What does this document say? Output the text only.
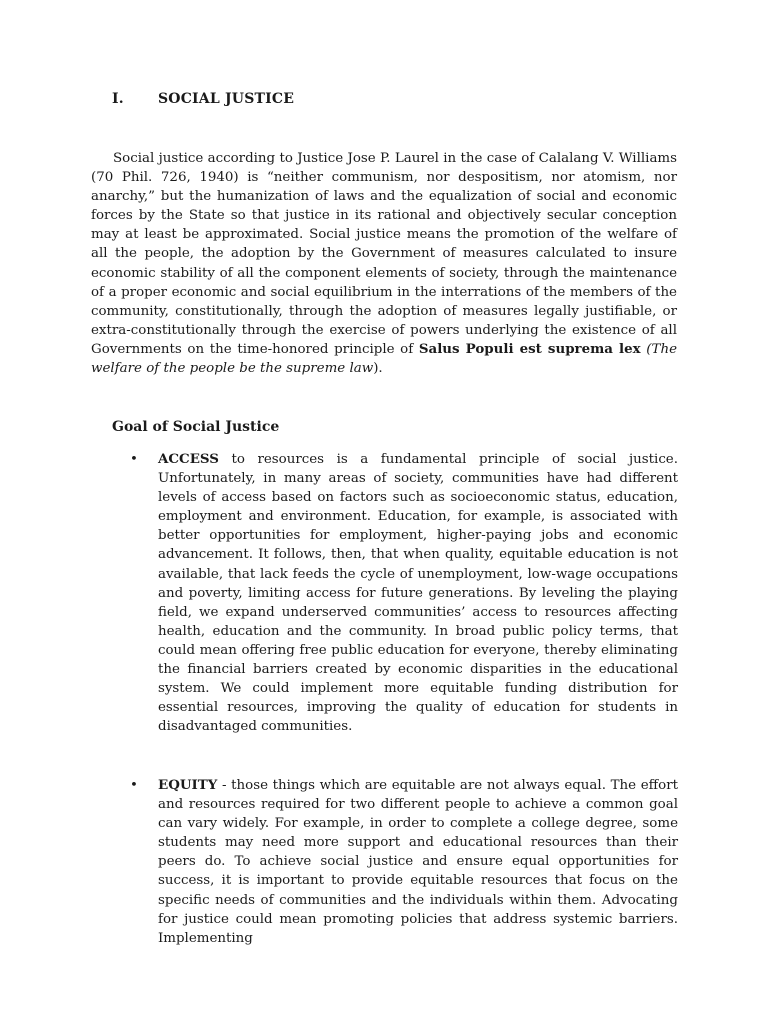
I. SOCIAL JUSTICE

Social justice according to Justice Jose P. Laurel in the case of Calalang V. Williams (70 Phil. 726, 1940) is “neither communism, nor despositism, nor atomism, nor anarchy,” but the humanization of laws and the equalization of social and economic forces by the State so that justice in its rational and objectively secular conception may at least be approximated. Social justice means the promotion of the welfare of all the people, the adoption by the Government of measures calculated to insure economic stability of all the component elements of society, through the maintenance of a proper economic and social equilibrium in the interrations of the members of the community, constitutionally, through the adoption of measures legally justifiable, or extra-constitutionally through the exercise of powers underlying the existence of all Governments on the time-honored principle of Salus Populi est suprema lex (The welfare of the people be the supreme law).

Goal of Social Justice
• ACCESS to resources is a fundamental principle of social justice. Unfortunately, in many areas of society, communities have had different levels of access based on factors such as socioeconomic status, education, employment and environment. Education, for example, is associated with better opportunities for employment, higher-paying jobs and economic advancement. It follows, then, that when quality, equitable education is not available, that lack feeds the cycle of unemployment, low-wage occupations and poverty, limiting access for future generations. By leveling the playing field, we expand underserved communities’ access to resources affecting health, education and the community. In broad public policy terms, that could mean offering free public education for everyone, thereby eliminating the financial barriers created by economic disparities in the educational system. We could implement more equitable funding distribution for essential resources, improving the quality of education for students in disadvantaged communities.

• EQUITY - those things which are equitable are not always equal. The effort and resources required for two different people to achieve a common goal can vary widely. For example, in order to complete a college degree, some students may need more support and educational resources than their peers do. To achieve social justice and ensure equal opportunities for success, it is important to provide equitable resources that focus on the specific needs of communities and the individuals within them. Advocating for justice could mean promoting policies that address systemic barriers. Implementing
